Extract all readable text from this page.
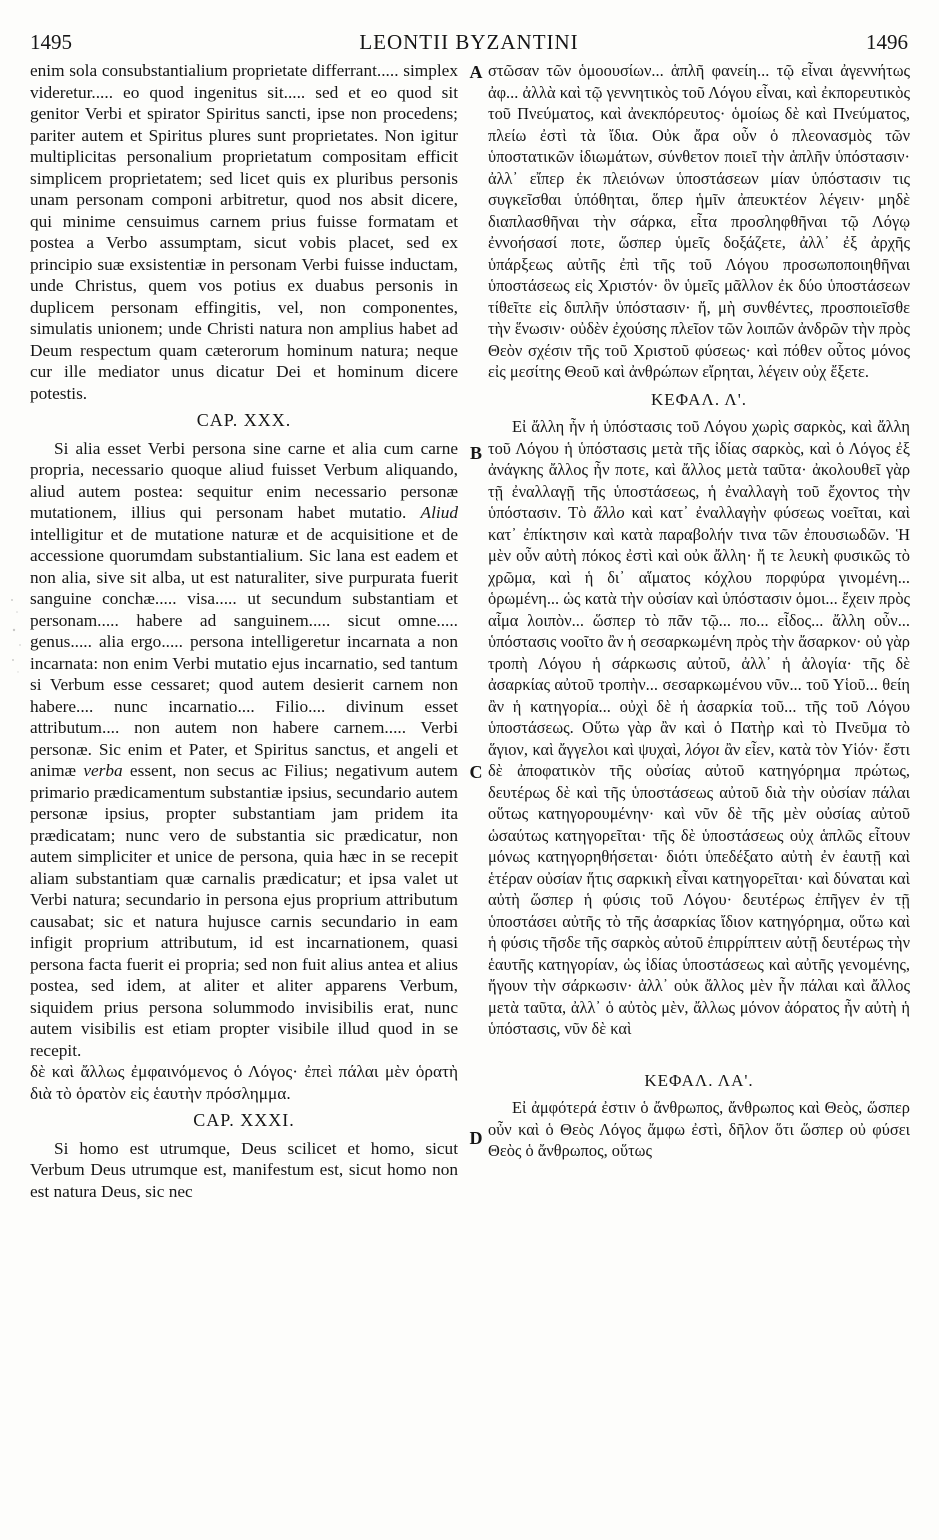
1495	LEONTII BYZANTINI	1496

enim sola consubstantialium proprietate differrant..... simplex videretur..... eo quod ingenitus sit..... sed et eo quod sit genitor Verbi et spirator Spiritus sancti, ipse non procedens; pariter autem et Spiritus plures sunt proprietates. Non igitur multiplicitas personalium proprietatum compositam efficit simplicem proprietatem; sed licet quis ex pluribus personis unam personam componi arbitretur, quod nos absit dicere, qui minime censuimus carnem prius fuisse formatam et postea a Verbo assumptam, sicut vobis placet, sed ex principio suæ exsistentiæ in personam Verbi fuisse inductam, unde Christus, quem vos potius ex duabus personis in duplicem personam effingitis, vel, non componentes, simulatis unionem; unde Christi natura non amplius habet ad Deum respectum quam cæterorum hominum natura; neque cur ille mediator unus dicatur Dei et hominum dicere potestis.

CAP. XXX.

Si alia esset Verbi persona sine carne et alia cum carne propria, necessario quoque aliud fuisset Verbum aliquando, aliud autem postea: sequitur enim necessario personæ mutationem, illius qui personam habet mutatio. Aliud intelligitur et de mutatione naturæ et de acquisitione et de accessione quorumdam substantialium. Sic lana est eadem et non alia, sive sit alba, ut est naturaliter, sive purpurata fuerit sanguine conchæ..... visa..... ut secundum substantiam et personam..... habere ad sanguinem..... sicut omne..... genus..... alia ergo..... persona intelligeretur incarnata a non incarnata: non enim Verbi mutatio ejus incarnatio, sed tantum si Verbum esse cessaret; quod autem desierit carnem non habere.... nunc incarnatio.... Filio.... divinum esset attributum.... non autem non habere carnem..... Verbi personæ. Sic enim et Pater, et Spiritus sanctus, et angeli et animæ verba essent, non secus ac Filius; negativum autem primario prædicamentum substantiæ ipsius, secundario autem personæ ipsius, propter substantiam jam pridem ita prædicatam; nunc vero de substantia sic prædicatur, non autem simpliciter et unice de persona, quia hæc in se recepit aliam substantiam quæ carnalis prædicatur; et ipsa valet ut Verbi natura; secundario in persona ejus proprium attributum causabat; sic et natura hujusce carnis secundario in eam infigit proprium attributum, id est incarnationem, quasi persona facta fuerit ei propria; sed non fuit alius antea et alius postea, sed idem, at aliter et aliter apparens Verbum, siquidem prius persona solummodo invisibilis erat, nunc autem visibilis est etiam propter visibile illud quod in se recepit.

δὲ καὶ ἄλλως ἐμφαινόμενος ὁ Λόγος· ἐπεὶ πάλαι μὲν ὁρατὴ διὰ τὸ ὁρατὸν εἰς ἑαυτὴν πρόσλημμα.

CAP. XXXI.

Si homo est utrumque, Deus scilicet et homo, sicut Verbum Deus utrumque est, manifestum est, sicut homo non est natura Deus, sic nec

στῶσαν τῶν ὁμοουσίων... ἁπλῆ φανείη... τῷ εἶναι ἀγεννήτως ἀφ... ἀλλὰ καὶ τῷ γεννητικὸς τοῦ Λόγου εἶναι, καὶ ἐκπορευτικὸς τοῦ Πνεύματος, καὶ ἀνεκπόρευτος· ὁμοίως δὲ καὶ Πνεύματος, πλείω ἐστὶ τὰ ἴδια. Οὐκ ἄρα οὖν ὁ πλεονασμὸς τῶν ὑποστατικῶν ἰδιωμάτων, σύνθετον ποιεῖ τὴν ἁπλῆν ὑπόστασιν· ἀλλ᾽ εἴπερ ἐκ πλειόνων ὑποστάσεων μίαν ὑπόστασιν τις συγκεῖσθαι ὑπόθηται, ὅπερ ἡμῖν ἀπευκτέον λέγειν· μηδὲ διαπλασθῆναι τὴν σάρκα, εἶτα προσληφθῆναι τῷ Λόγῳ ἐννοήσασί ποτε, ὥσπερ ὑμεῖς δοξάζετε, ἀλλ᾽ ἐξ ἀρχῆς ὑπάρξεως αὐτῆς ἐπὶ τῆς τοῦ Λόγου προσωποποιηθῆναι ὑποστάσεως εἰς Χριστόν· ὃν ὑμεῖς μᾶλλον ἐκ δύο ὑποστάσεων τίθεῖτε εἰς διπλῆν ὑπόστασιν· ἤ, μὴ συνθέντες, προσποιεῖσθε τὴν ἕνωσιν· οὐδὲν ἐχούσης πλεῖον τῶν λοιπῶν ἀνδρῶν τὴν πρὸς Θεὸν σχέσιν τῆς τοῦ Χριστοῦ φύσεως· καὶ πόθεν οὗτος μόνος εἰς μεσίτης Θεοῦ καὶ ἀνθρώπων εἴρηται, λέγειν οὐχ ἔξετε.

ΚΕΦΑΛ. Λ'.

Εἰ ἄλλη ἦν ἡ ὑπόστασις τοῦ Λόγου χωρὶς σαρκὸς, καὶ ἄλλη τοῦ Λόγου ἡ ὑπόστασις μετὰ τῆς ἰδίας σαρκὸς, καὶ ὁ Λόγος ἐξ ἀνάγκης ἄλλος ἦν ποτε, καὶ ἄλλος μετὰ ταῦτα· ἀκολουθεῖ γὰρ τῇ ἐναλλαγῇ τῆς ὑποστάσεως, ἡ ἐναλλαγὴ τοῦ ἔχοντος τὴν ὑπόστασιν. Τὸ ἄλλο καὶ κατ᾽ ἐναλλαγὴν φύσεως νοεῖται, καὶ κατ᾽ ἐπίκτησιν καὶ κατὰ παραβολήν τινα τῶν ἐπουσιωδῶν. Ἡ μὲν οὖν αὐτὴ πόκος ἐστὶ καὶ οὐκ ἄλλη· ἤ τε λευκὴ φυσικῶς τὸ χρῶμα, καὶ ἡ δι᾽ αἵματος κόχλου πορφύρα γινομένη... ὁρωμένη... ὡς κατὰ τὴν οὐσίαν καὶ ὑπόστασιν ὁμοι... ἔχειν πρὸς αἷμα λοιπὸν... ὥσπερ τὸ πᾶν τῷ... πο... εἶδος... ἄλλη οὖν... ὑπόστασις νοοῖτο ἂν ἡ σεσαρκωμένη πρὸς τὴν ἄσαρκον· οὐ γὰρ τροπὴ Λόγου ἡ σάρκωσις αὐτοῦ, ἀλλ᾽ ἡ ἀλογία· τῆς δὲ ἀσαρκίας αὐτοῦ τροπὴν... σεσαρκωμένου νῦν... τοῦ Υἱοῦ... θείη ἂν ἡ κατηγορία... οὐχὶ δὲ ἡ ἀσαρκία τοῦ... τῆς τοῦ Λόγου ὑποστάσεως. Οὕτω γὰρ ἂν καὶ ὁ Πατὴρ καὶ τὸ Πνεῦμα τὸ ἅγιον, καὶ ἄγγελοι καὶ ψυχαὶ, λόγοι ἂν εἶεν, κατὰ τὸν Υἱόν· ἔστι δὲ ἀποφατικὸν τῆς οὐσίας αὐτοῦ κατηγόρημα πρώτως, δευτέρως δὲ καὶ τῆς ὑποστάσεως αὐτοῦ διὰ τὴν οὐσίαν πάλαι οὕτως κατηγορουμένην· καὶ νῦν δὲ τῆς μὲν οὐσίας αὐτοῦ ὡσαύτως κατηγορεῖται· τῆς δὲ ὑποστάσεως οὐχ ἁπλῶς εἶτουν μόνως κατηγορηθήσεται· διότι ὑπεδέξατο αὐτὴ ἐν ἑαυτῇ καὶ ἑτέραν οὐσίαν ἥτις σαρκικὴ εἶναι κατηγορεῖται· καὶ δύναται καὶ αὐτὴ ὥσπερ ἡ φύσις τοῦ Λόγου· δευτέρως ἐπῆγεν ἐν τῇ ὑποστάσει αὐτῆς τὸ τῆς ἀσαρκίας ἴδιον κατηγόρημα, οὕτω καὶ ἡ φύσις τῆσδε τῆς σαρκὸς αὐτοῦ ἐπιρρίπτειν αὐτῇ δευτέρως τὴν ἑαυτῆς κατηγορίαν, ὡς ἰδίας ὑποστάσεως καὶ αὐτῆς γενομένης, ἤγουν τὴν σάρκωσιν· ἀλλ᾽ οὐκ ἄλλος μὲν ἦν πάλαι καὶ ἄλλος μετὰ ταῦτα, ἀλλ᾽ ὁ αὐτὸς μὲν, ἄλλως μόνον ἀόρατος ἦν αὐτὴ ἡ ὑπόστασις, νῦν δὲ καὶ

ΚΕΦΑΛ. ΛΑ'.

Εἰ ἀμφότερά ἐστιν ὁ ἄνθρωπος, ἄνθρωπος καὶ Θεὸς, ὥσπερ οὖν καὶ ὁ Θεὸς Λόγος ἄμφω ἐστὶ, δῆλον ὅτι ὥσπερ οὐ φύσει Θεὸς ὁ ἄνθρωπος, οὕτως

A
B
C
D
